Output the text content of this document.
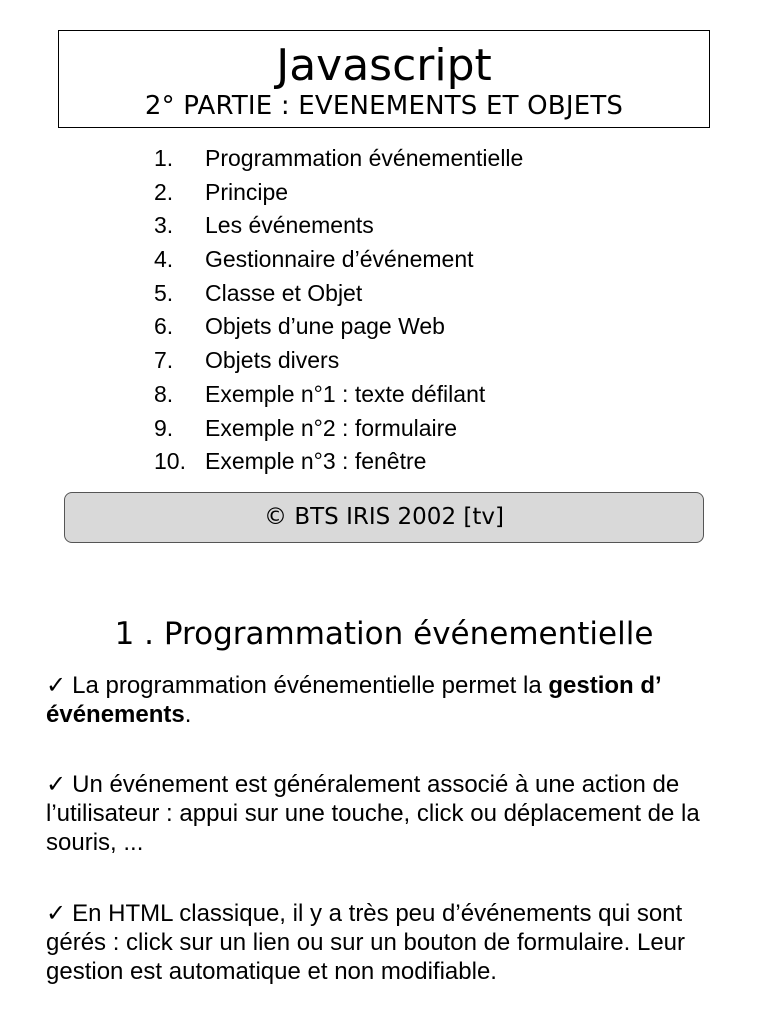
Javascript
2° PARTIE : EVENEMENTS ET OBJETS
1.	Programmation événementielle
2.	Principe
3.	Les événements
4.	Gestionnaire d’événement
5.	Classe et Objet
6.	Objets d’une page Web
7.	Objets divers
8.	Exemple n°1 : texte défilant
9.	Exemple n°2 : formulaire
10. Exemple n°3 : fenêtre
© BTS IRIS 2002 [tv]
1 . Programmation événementielle

✓ La programmation événementielle permet la gestion d’ événements.

✓ Un événement est généralement associé à une action de l’utilisateur : appui sur une touche, click ou déplacement de la souris, ...

✓ En HTML classique, il y a très peu d’événements qui sont gérés : click sur un lien ou sur un bouton de formulaire. Leur gestion est automatique et non modifiable.
